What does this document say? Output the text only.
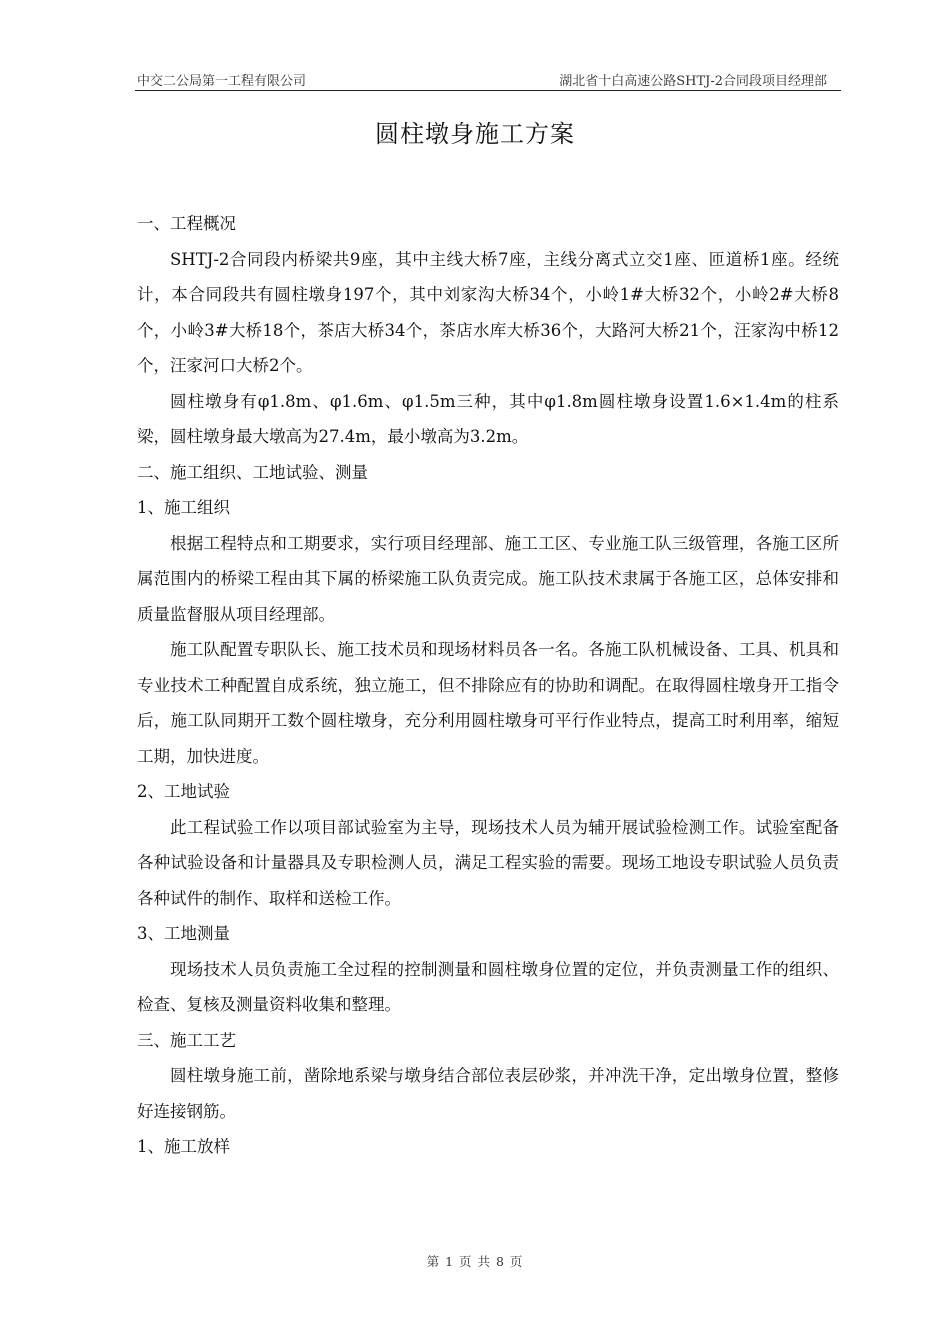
中交二公局第一工程有限公司	湖北省十白高速公路SHTJ-2合同段项目经理部
圆柱墩身施工方案

一、工程概况

SHTJ-2合同段内桥梁共9座，其中主线大桥7座，主线分离式立交1座、匝道桥1座。经统计，本合同段共有圆柱墩身197个，其中刘家沟大桥34个，小岭1#大桥32个，小岭2#大桥8个，小岭3#大桥18个，茶店大桥34个，茶店水库大桥36个，大路河大桥21个，汪家沟中桥12个，汪家河口大桥2个。

圆柱墩身有φ1.8m、φ1.6m、φ1.5m三种，其中φ1.8m圆柱墩身设置1.6×1.4m的柱系梁，圆柱墩身最大墩高为27.4m，最小墩高为3.2m。

二、施工组织、工地试验、测量

1、施工组织

根据工程特点和工期要求，实行项目经理部、施工工区、专业施工队三级管理，各施工区所属范围内的桥梁工程由其下属的桥梁施工队负责完成。施工队技术隶属于各施工区，总体安排和质量监督服从项目经理部。

施工队配置专职队长、施工技术员和现场材料员各一名。各施工队机械设备、工具、机具和专业技术工种配置自成系统，独立施工，但不排除应有的协助和调配。在取得圆柱墩身开工指令后，施工队同期开工数个圆柱墩身，充分利用圆柱墩身可平行作业特点，提高工时利用率，缩短工期，加快进度。

2、工地试验

此工程试验工作以项目部试验室为主导，现场技术人员为辅开展试验检测工作。试验室配备各种试验设备和计量器具及专职检测人员，满足工程实验的需要。现场工地设专职试验人员负责各种试件的制作、取样和送检工作。

3、工地测量

现场技术人员负责施工全过程的控制测量和圆柱墩身位置的定位，并负责测量工作的组织、检查、复核及测量资料收集和整理。

三、施工工艺

圆柱墩身施工前，凿除地系梁与墩身结合部位表层砂浆，并冲洗干净，定出墩身位置，整修好连接钢筋。

1、施工放样

第 1 页 共 8 页
